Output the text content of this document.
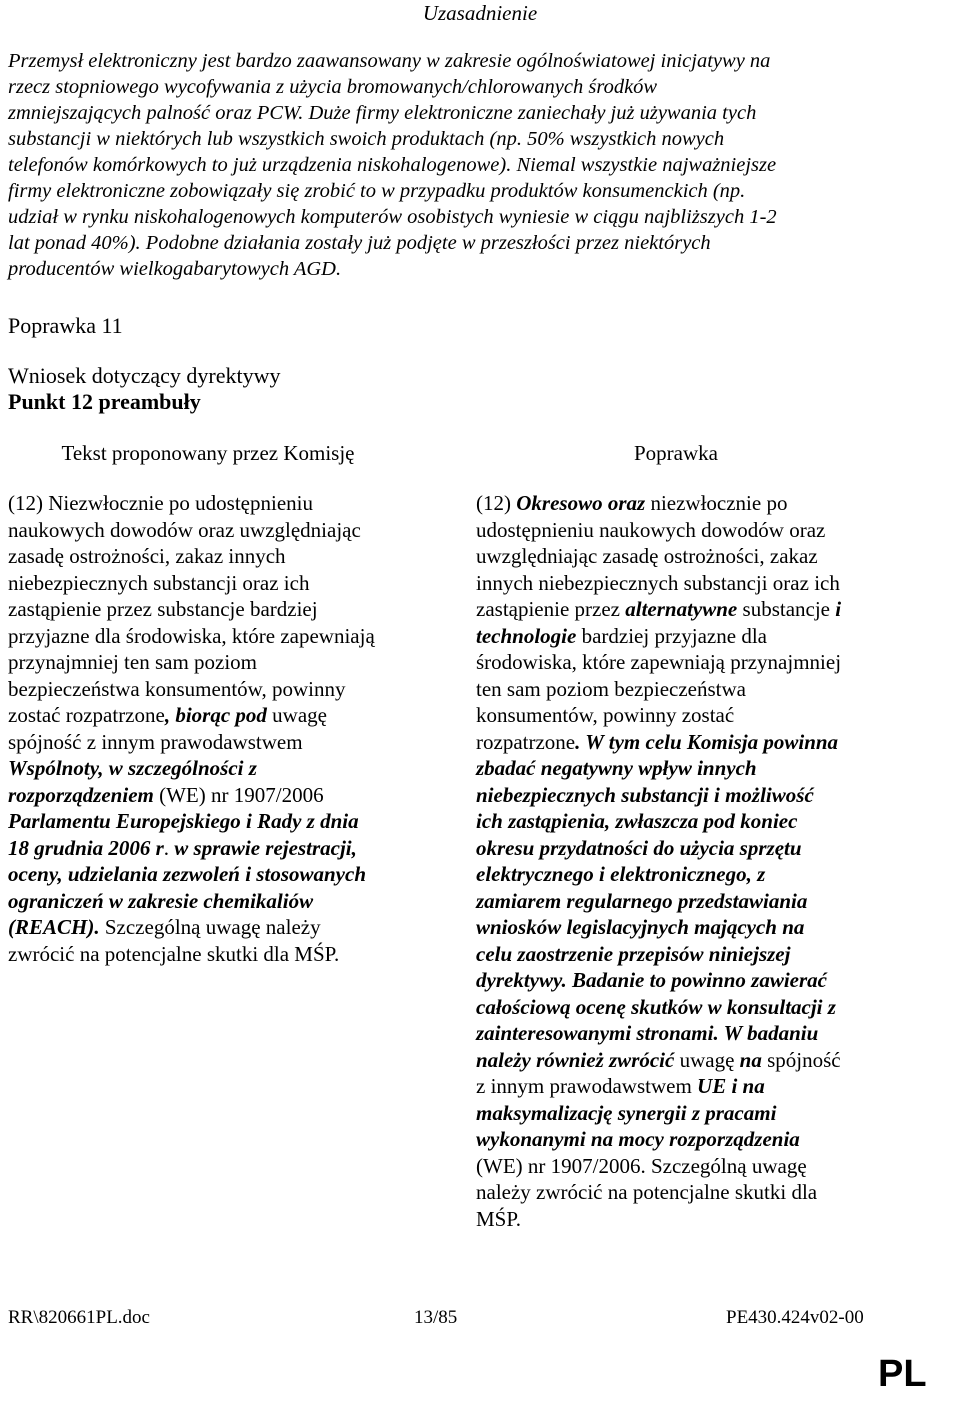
Uzasadnienie
Przemysł elektroniczny jest bardzo zaawansowany w zakresie ogólnoświatowej inicjatywy na
rzecz stopniowego wycofywania z użycia bromowanych/chlorowanych środków
zmniejszających palność oraz PCW. Duże firmy elektroniczne zaniechały już używania tych
substancji w niektórych lub wszystkich swoich produktach (np. 50% wszystkich nowych
telefonów komórkowych to już urządzenia niskohalogenowe). Niemal wszystkie najważniejsze
firmy elektroniczne zobowiązały się zrobić to w przypadku produktów konsumenckich (np.
udział w rynku niskohalogenowych komputerów osobistych wyniesie w ciągu najbliższych 1-2
lat ponad 40%). Podobne działania zostały już podjęte w przeszłości przez niektórych
producentów wielkogabarytowych AGD.
Poprawka 11
Wniosek dotyczący dyrektywy
Punkt 12 preambuły
Tekst proponowany przez Komisję	Poprawka
(12) Niezwłocznie po udostępnieniu
naukowych dowodów oraz uwzględniając
zasadę ostrożności, zakaz innych
niebezpiecznych substancji oraz ich
zastąpienie przez substancje bardziej
przyjazne dla środowiska, które zapewniają
przynajmniej ten sam poziom
bezpieczeństwa konsumentów, powinny
zostać rozpatrzone, biorąc pod uwagę
spójność z innym prawodawstwem
Wspólnoty, w szczególności z
rozporządzeniem (WE) nr 1907/2006
Parlamentu Europejskiego i Rady z dnia
18 grudnia 2006 r. w sprawie rejestracji,
oceny, udzielania zezwoleń i stosowanych
ograniczeń w zakresie chemikaliów
(REACH). Szczególną uwagę należy
zwrócić na potencjalne skutki dla MŚP.
(12) Okresowo oraz niezwłocznie po
udostępnieniu naukowych dowodów oraz
uwzględniając zasadę ostrożności, zakaz
innych niebezpiecznych substancji oraz ich
zastąpienie przez alternatywne substancje i
technologie bardziej przyjazne dla
środowiska, które zapewniają przynajmniej
ten sam poziom bezpieczeństwa
konsumentów, powinny zostać
rozpatrzone. W tym celu Komisja powinna
zbadać negatywny wpływ innych
niebezpiecznych substancji i możliwość
ich zastąpienia, zwłaszcza pod koniec
okresu przydatności do użycia sprzętu
elektrycznego i elektronicznego, z
zamiarem regularnego przedstawiania
wniosków legislacyjnych mających na
celu zaostrzenie przepisów niniejszej
dyrektywy. Badanie to powinno zawierać
całościową ocenę skutków w konsultacji z
zainteresowanymi stronami. W badaniu
należy również zwrócić uwagę na spójność
z innym prawodawstwem UE i na
maksymalizację synergii z pracami
wykonanymi na mocy rozporządzenia
(WE) nr 1907/2006. Szczególną uwagę
należy zwrócić na potencjalne skutki dla
MŚP.
RR\820661PL.doc	13/85	PE430.424v02-00
PL
